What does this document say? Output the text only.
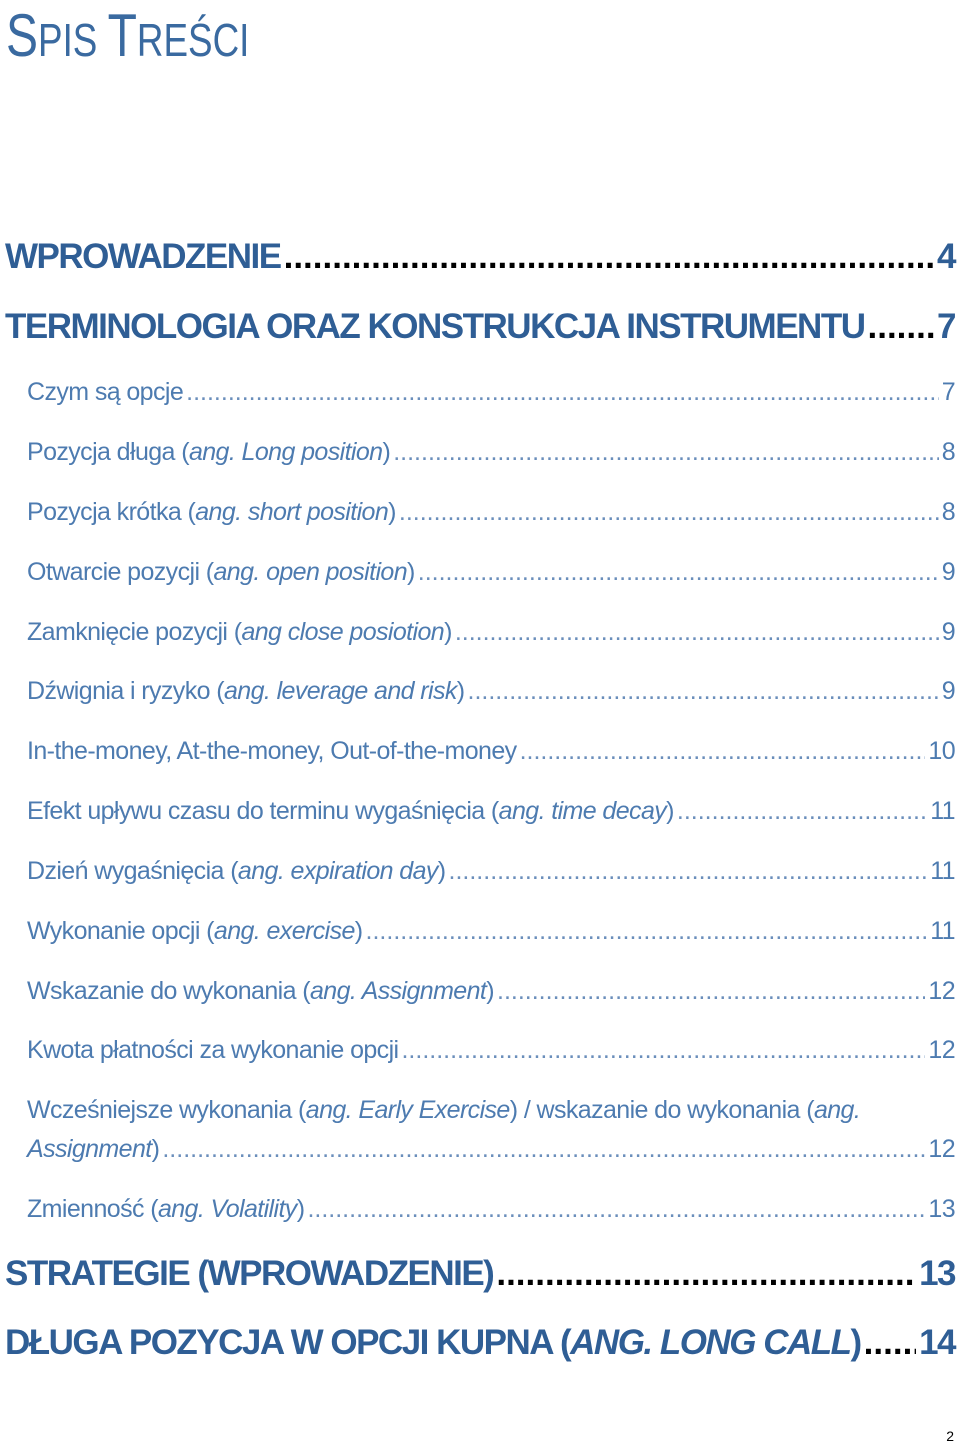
SPIS TREŚCI
WPROWADZENIE .....	4
TERMINOLOGIA ORAZ KONSTRUKCJA INSTRUMENTU ..... 7
Czym są opcje .....	7
Pozycja długa (ang. Long position) .....	8
Pozycja krótka (ang. short position) .....	8
Otwarcie pozycji (ang. open position) .....	9
Zamknięcie pozycji (ang close posiotion) .....	9
Dźwignia i ryzyko (ang. leverage and risk) .....	9
In-the-money, At-the-money, Out-of-the-money .....	10
Efekt upływu czasu do terminu wygaśnięcia (ang. time decay) .....	11
Dzień wygaśnięcia (ang. expiration day) .....	11
Wykonanie opcji (ang. exercise) .....	11
Wskazanie do wykonania (ang. Assignment) .....	12
Kwota płatności za wykonanie opcji .....	12
Wcześniejsze wykonania (ang. Early Exercise) / wskazanie do wykonania (ang.
Assignment) .....	12
Zmienność (ang. Volatility) .....	13
STRATEGIE (WPROWADZENIE) .....	13
DŁUGA POZYCJA W OPCJI KUPNA (ANG. LONG CALL) ..... 14
2
